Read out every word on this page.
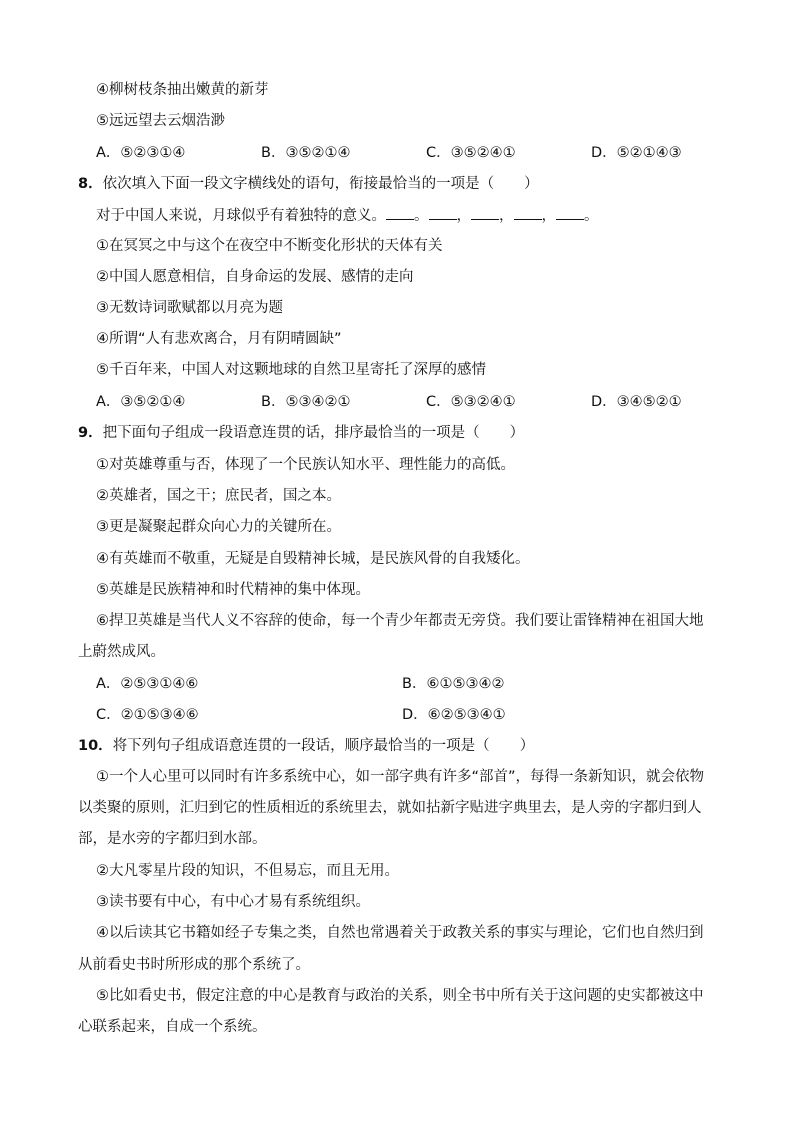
④柳树枝条抽出嫩黄的新芽
⑤远远望去云烟浩渺
A．⑤②③①④	B．③⑤②①④	C．③⑤②④①	D．⑤②①④③
8．依次填入下面一段文字横线处的语句，衔接最恰当的一项是（ ）
对于中国人来说，月球似乎有着独特的意义。 。 ， ， ， 。
①在冥冥之中与这个在夜空中不断变化形状的天体有关
②中国人愿意相信，自身命运的发展、感情的走向
③无数诗词歌赋都以月亮为题
④所谓“人有悲欢离合，月有阴晴圆缺”
⑤千百年来，中国人对这颗地球的自然卫星寄托了深厚的感情
A．③⑤②①④	B．⑤③④②①	C．⑤③②④①	D．③④⑤②①
9．把下面句子组成一段语意连贯的话，排序最恰当的一项是（ ）
①对英雄尊重与否，体现了一个民族认知水平、理性能力的高低。
②英雄者，国之干；庶民者，国之本。
③更是凝聚起群众向心力的关键所在。
④有英雄而不敬重，无疑是自毁精神长城，是民族风骨的自我矮化。
⑤英雄是民族精神和时代精神的集中体现。
⑥捍卫英雄是当代人义不容辞的使命，每一个青少年都责无旁贷。我们要让雷锋精神在祖国大地
上蔚然成风。
A．②⑤③①④⑥	B．⑥①⑤③④②
C．②①⑤③④⑥	D．⑥②⑤③④①
10．将下列句子组成语意连贯的一段话，顺序最恰当的一项是（ ）
①一个人心里可以同时有许多系统中心，如一部字典有许多“部首”，每得一条新知识，就会依物
以类聚的原则，汇归到它的性质相近的系统里去，就如拈新字贴进字典里去，是人旁的字都归到人
部，是水旁的字都归到水部。
②大凡零星片段的知识，不但易忘，而且无用。
③读书要有中心，有中心才易有系统组织。
④以后读其它书籍如经子专集之类，自然也常遇着关于政教关系的事实与理论，它们也自然归到
从前看史书时所形成的那个系统了。
⑤比如看史书，假定注意的中心是教育与政治的关系，则全书中所有关于这问题的史实都被这中
心联系起来，自成一个系统。
